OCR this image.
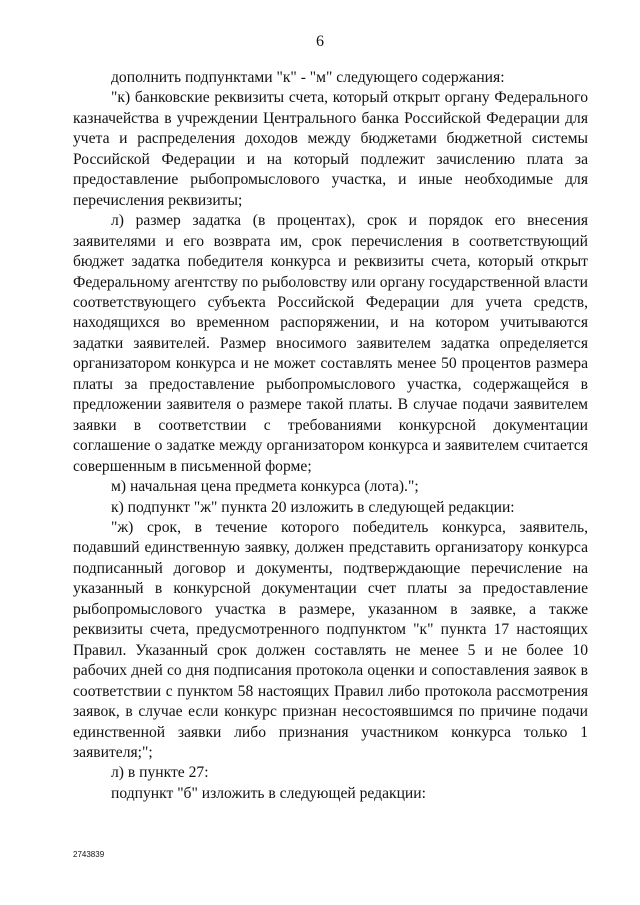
6

дополнить подпунктами "к" - "м" следующего содержания:

"к) банковские реквизиты счета, который открыт органу Федерального казначейства в учреждении Центрального банка Российской Федерации для учета и распределения доходов между бюджетами бюджетной системы Российской Федерации и на который подлежит зачислению плата за предоставление рыбопромыслового участка, и иные необходимые для перечисления реквизиты;

л) размер задатка (в процентах), срок и порядок его внесения заявителями и его возврата им, срок перечисления в соответствующий бюджет задатка победителя конкурса и реквизиты счета, который открыт Федеральному агентству по рыболовству или органу государственной власти соответствующего субъекта Российской Федерации для учета средств, находящихся во временном распоряжении, и на котором учитываются задатки заявителей. Размер вносимого заявителем задатка определяется организатором конкурса и не может составлять менее 50 процентов размера платы за предоставление рыбопромыслового участка, содержащейся в предложении заявителя о размере такой платы. В случае подачи заявителем заявки в соответствии с требованиями конкурсной документации соглашение о задатке между организатором конкурса и заявителем считается совершенным в письменной форме;

м) начальная цена предмета конкурса (лота).";

к) подпункт "ж" пункта 20 изложить в следующей редакции:

"ж) срок, в течение которого победитель конкурса, заявитель, подавший единственную заявку, должен представить организатору конкурса подписанный договор и документы, подтверждающие перечисление на указанный в конкурсной документации счет платы за предоставление рыбопромыслового участка в размере, указанном в заявке, а также реквизиты счета, предусмотренного подпунктом "к" пункта 17 настоящих Правил. Указанный срок должен составлять не менее 5 и не более 10 рабочих дней со дня подписания протокола оценки и сопоставления заявок в соответствии с пунктом 58 настоящих Правил либо протокола рассмотрения заявок, в случае если конкурс признан несостоявшимся по причине подачи единственной заявки либо признания участником конкурса только 1 заявителя;";

л) в пункте 27:

подпункт "б" изложить в следующей редакции:

2743839
